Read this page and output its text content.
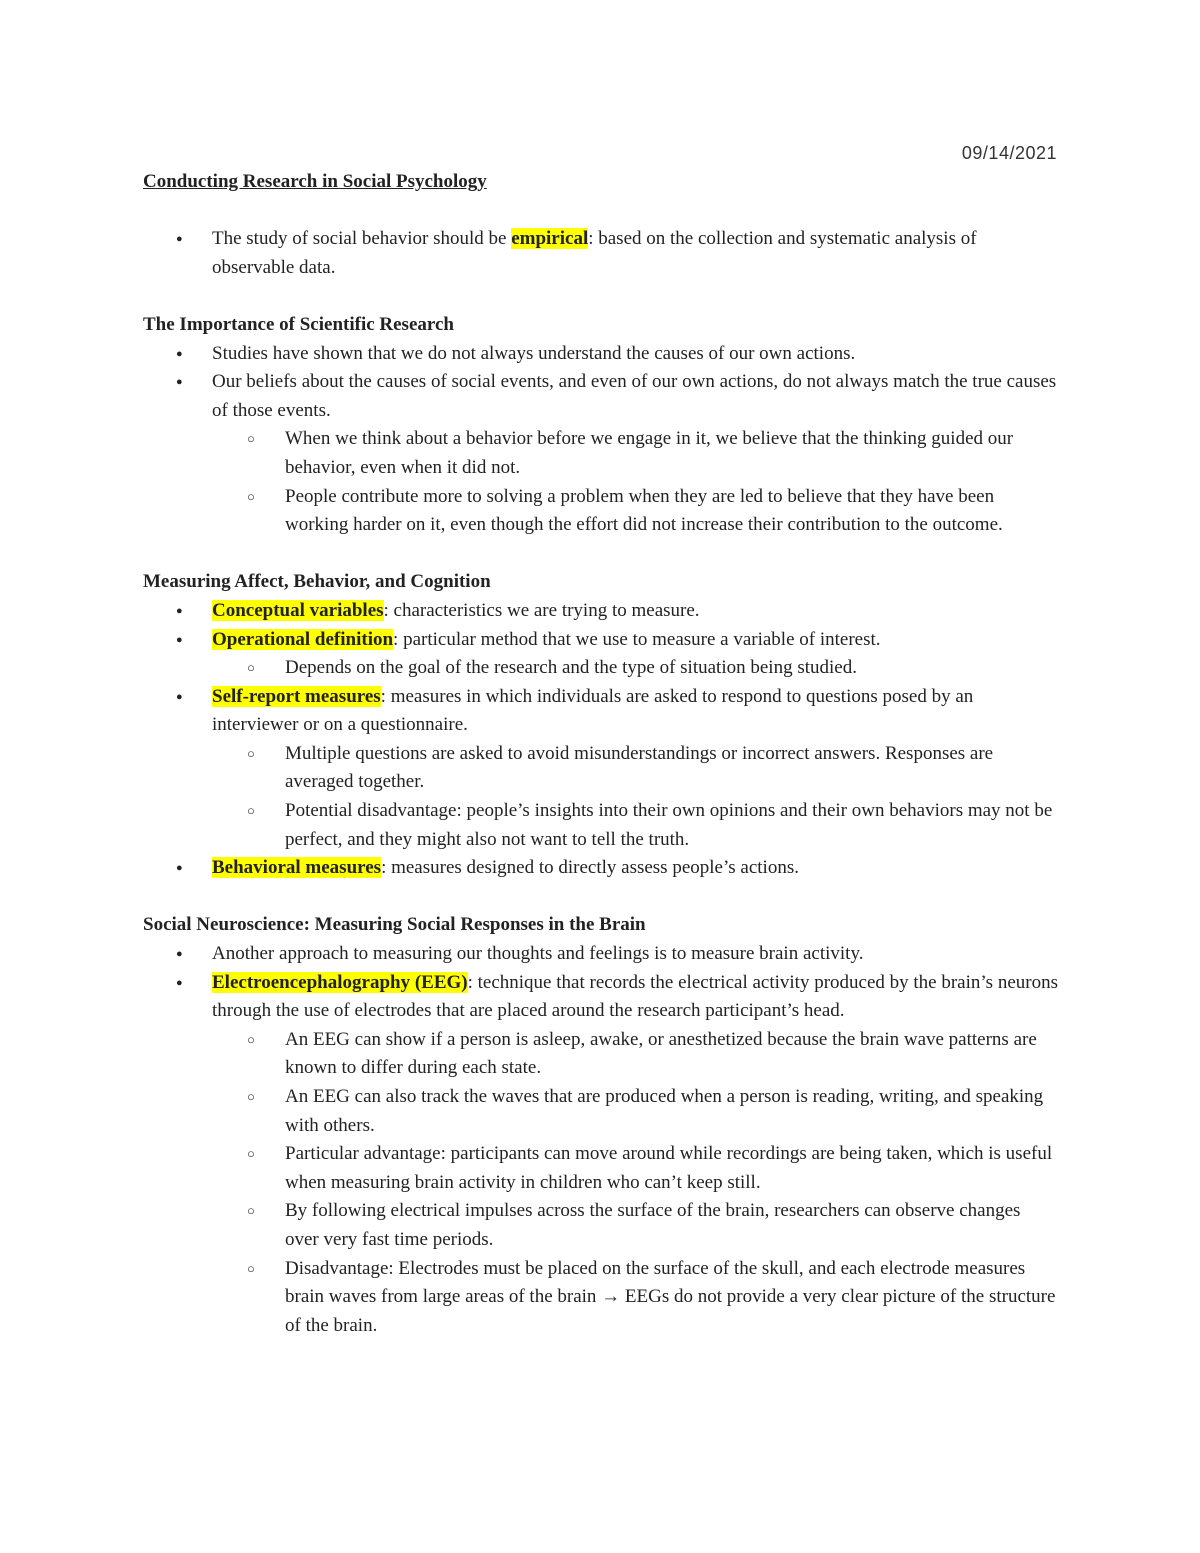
09/14/2021

Conducting Research in Social Psychology

● The study of social behavior should be empirical: based on the collection and systematic analysis of observable data.

The Importance of Scientific Research

● Studies have shown that we do not always understand the causes of our own actions.
● Our beliefs about the causes of social events, and even of our own actions, do not always match the true causes of those events.
○ When we think about a behavior before we engage in it, we believe that the thinking guided our behavior, even when it did not.
○ People contribute more to solving a problem when they are led to believe that they have been working harder on it, even though the effort did not increase their contribution to the outcome.

Measuring Affect, Behavior, and Cognition

● Conceptual variables: characteristics we are trying to measure.
● Operational definition: particular method that we use to measure a variable of interest.
○ Depends on the goal of the research and the type of situation being studied.
● Self-report measures: measures in which individuals are asked to respond to questions posed by an interviewer or on a questionnaire.
○ Multiple questions are asked to avoid misunderstandings or incorrect answers. Responses are averaged together.
○ Potential disadvantage: people’s insights into their own opinions and their own behaviors may not be perfect, and they might also not want to tell the truth.
● Behavioral measures: measures designed to directly assess people’s actions.

Social Neuroscience: Measuring Social Responses in the Brain

● Another approach to measuring our thoughts and feelings is to measure brain activity.
● Electroencephalography (EEG): technique that records the electrical activity produced by the brain’s neurons through the use of electrodes that are placed around the research participant’s head.
○ An EEG can show if a person is asleep, awake, or anesthetized because the brain wave patterns are known to differ during each state.
○ An EEG can also track the waves that are produced when a person is reading, writing, and speaking with others.
○ Particular advantage: participants can move around while recordings are being taken, which is useful when measuring brain activity in children who can’t keep still.
○ By following electrical impulses across the surface of the brain, researchers can observe changes over very fast time periods.
○ Disadvantage: Electrodes must be placed on the surface of the skull, and each electrode measures brain waves from large areas of the brain → EEGs do not provide a very clear picture of the structure of the brain.
